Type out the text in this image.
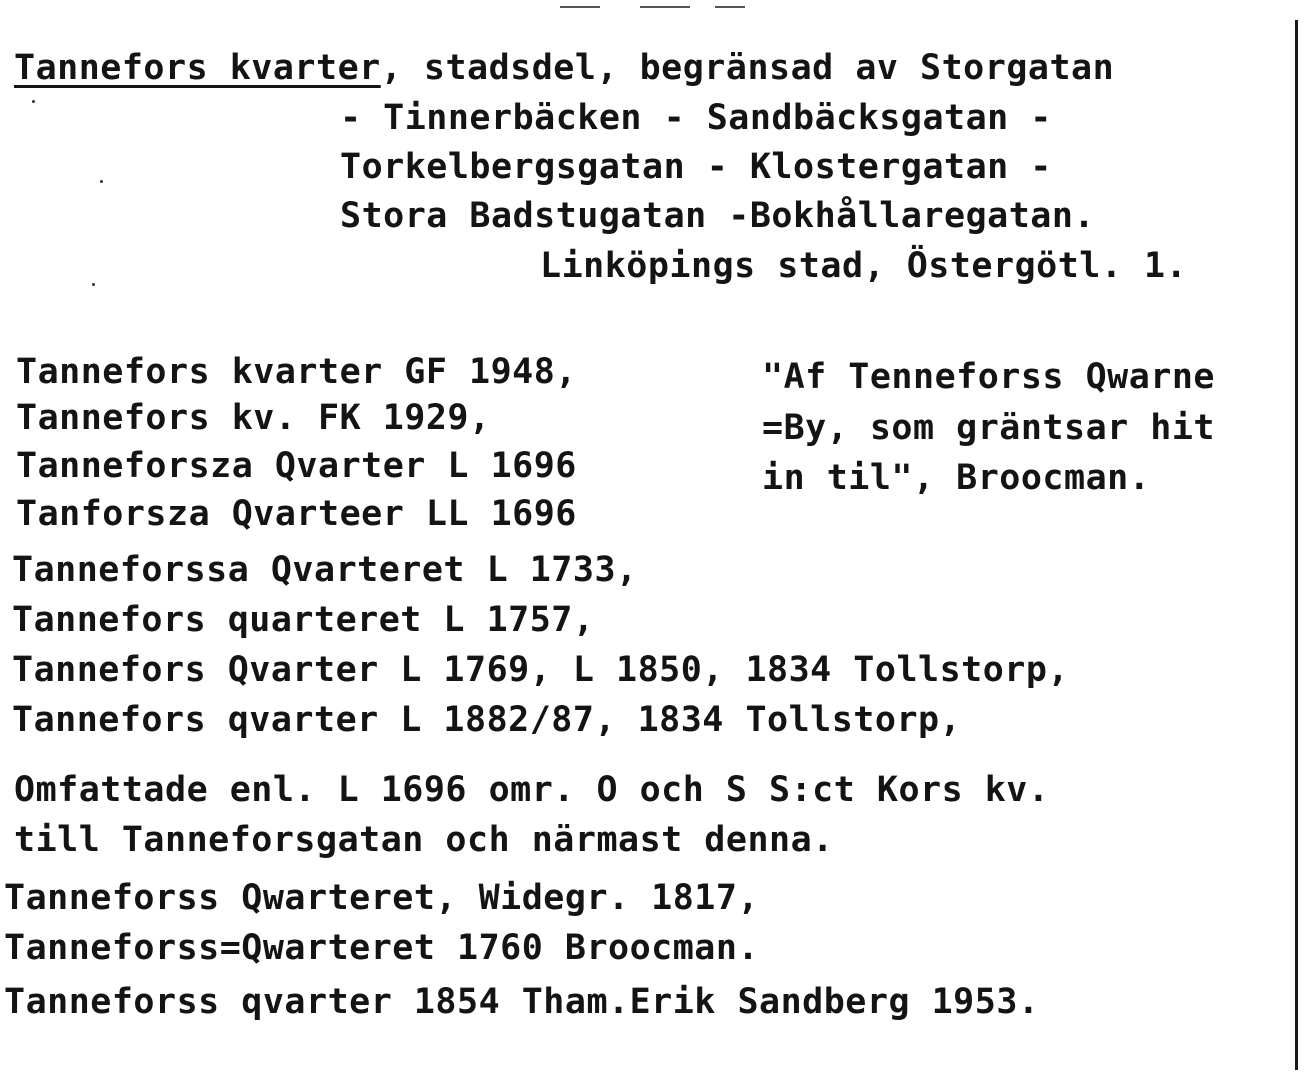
Tannefors kvarter, stadsdel, begränsad av Storgatan
- Tinnerbäcken - Sandbäcksgatan -
Torkelbergsgatan - Klostergatan -
Stora Badstugatan -Bokhållaregatan.
Linköpings stad, Östergötl. 1.
Tannefors kvarter GF 1948,
Tannefors kv. FK 1929,
Tanneforsza Qvarter L 1696
Tanforsza Qvarteer LL 1696
Tanneforssa Qvarteret L 1733,
Tannefors quarteret L 1757,
Tannefors Qvarter L 1769, L 1850, 1834 Tollstorp,
Tannefors qvarter L 1882/87, 1834 Tollstorp,
"Af Tenneforss Qwarne
=By, som gräntsar hit
in til", Broocman.
Omfattade enl. L 1696 omr. O och S S:ct Kors kv.
till Tanneforsgatan och närmast denna.
Tanneforss Qwarteret, Widegr. 1817,
Tanneforss=Qwarteret 1760 Broocman.
Tanneforss qvarter 1854 Tham.Erik Sandberg 1953.
